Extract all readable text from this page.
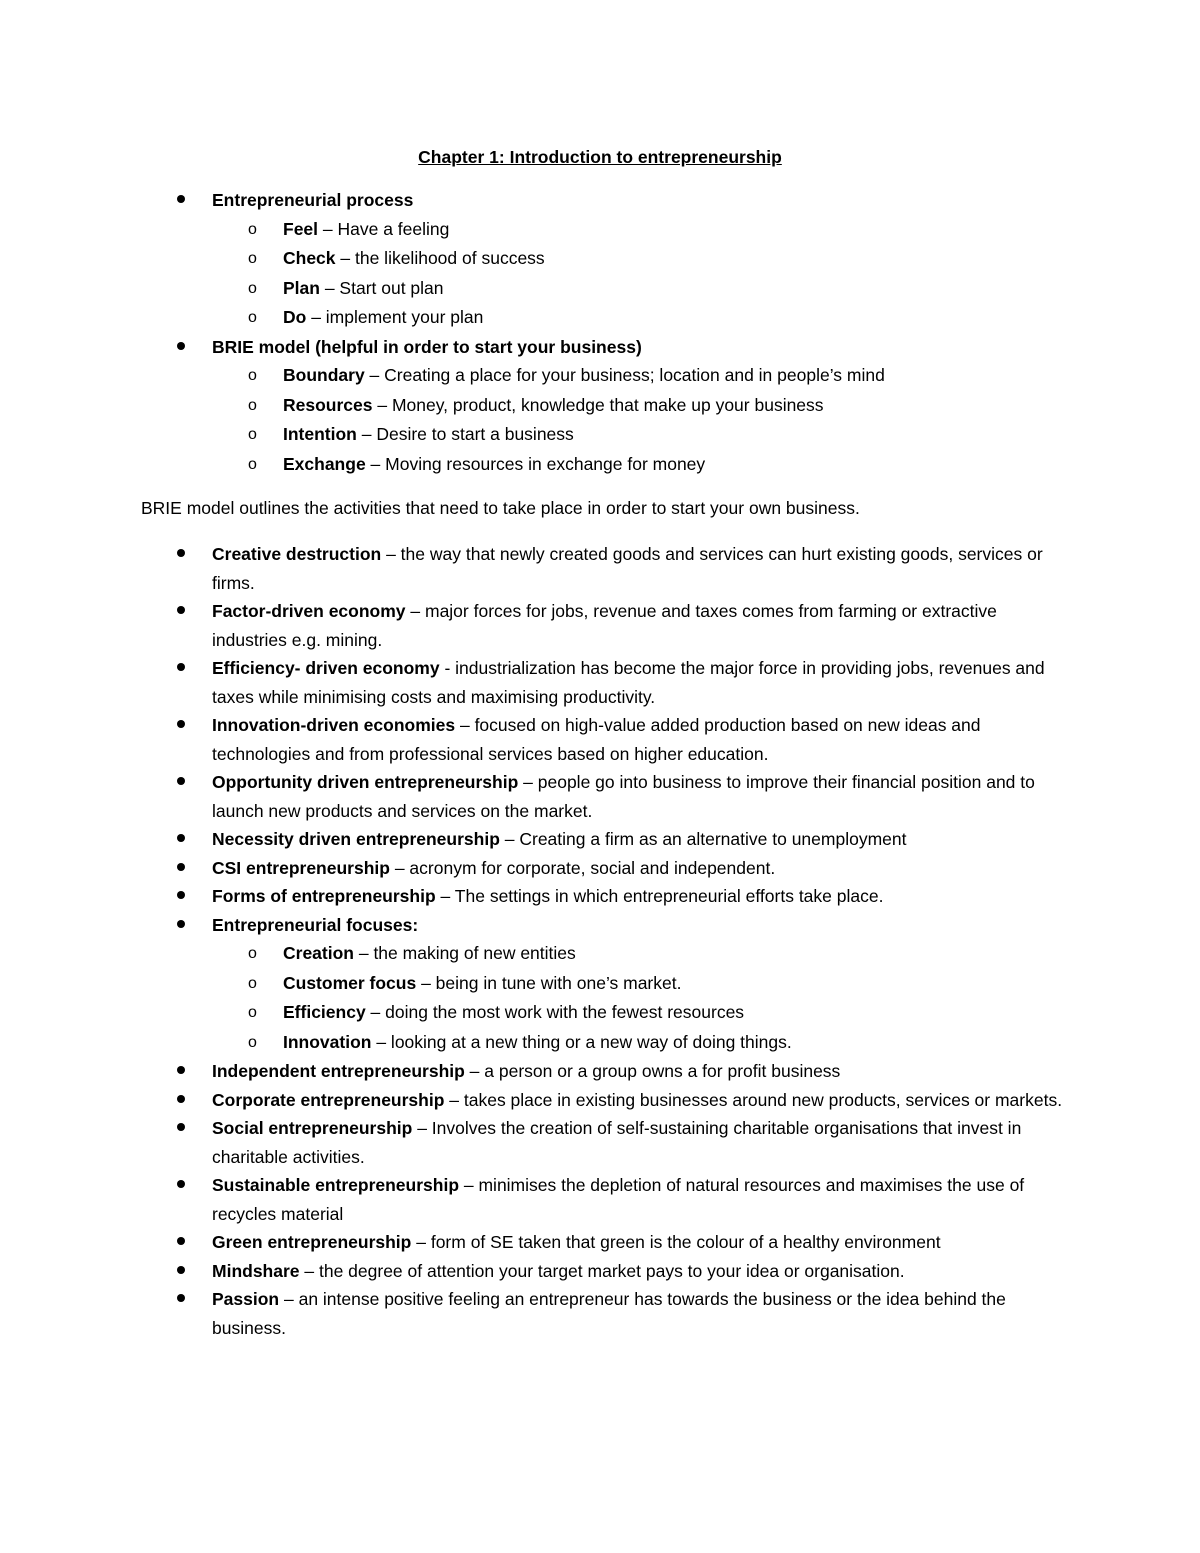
Chapter 1: Introduction to entrepreneurship
Entrepreneurial process
o Feel – Have a feeling
o Check – the likelihood of success
o Plan – Start out plan
o Do – implement your plan
BRIE model (helpful in order to start your business)
o Boundary – Creating a place for your business; location and in people’s mind
o Resources – Money, product, knowledge that make up your business
o Intention – Desire to start a business
o Exchange – Moving resources in exchange for money
BRIE model outlines the activities that need to take place in order to start your own business.
Creative destruction – the way that newly created goods and services can hurt existing goods, services or firms.
Factor-driven economy – major forces for jobs, revenue and taxes comes from farming or extractive industries e.g. mining.
Efficiency- driven economy - industrialization has become the major force in providing jobs, revenues and taxes while minimising costs and maximising productivity.
Innovation-driven economies – focused on high-value added production based on new ideas and technologies and from professional services based on higher education.
Opportunity driven entrepreneurship – people go into business to improve their financial position and to launch new products and services on the market.
Necessity driven entrepreneurship – Creating a firm as an alternative to unemployment
CSI entrepreneurship – acronym for corporate, social and independent.
Forms of entrepreneurship – The settings in which entrepreneurial efforts take place.
Entrepreneurial focuses:
o Creation – the making of new entities
o Customer focus – being in tune with one’s market.
o Efficiency – doing the most work with the fewest resources
o Innovation – looking at a new thing or a new way of doing things.
Independent entrepreneurship – a person or a group owns a for profit business
Corporate entrepreneurship – takes place in existing businesses around new products, services or markets.
Social entrepreneurship – Involves the creation of self-sustaining charitable organisations that invest in charitable activities.
Sustainable entrepreneurship – minimises the depletion of natural resources and maximises the use of recycles material
Green entrepreneurship – form of SE taken that green is the colour of a healthy environment
Mindshare – the degree of attention your target market pays to your idea or organisation.
Passion – an intense positive feeling an entrepreneur has towards the business or the idea behind the business.
